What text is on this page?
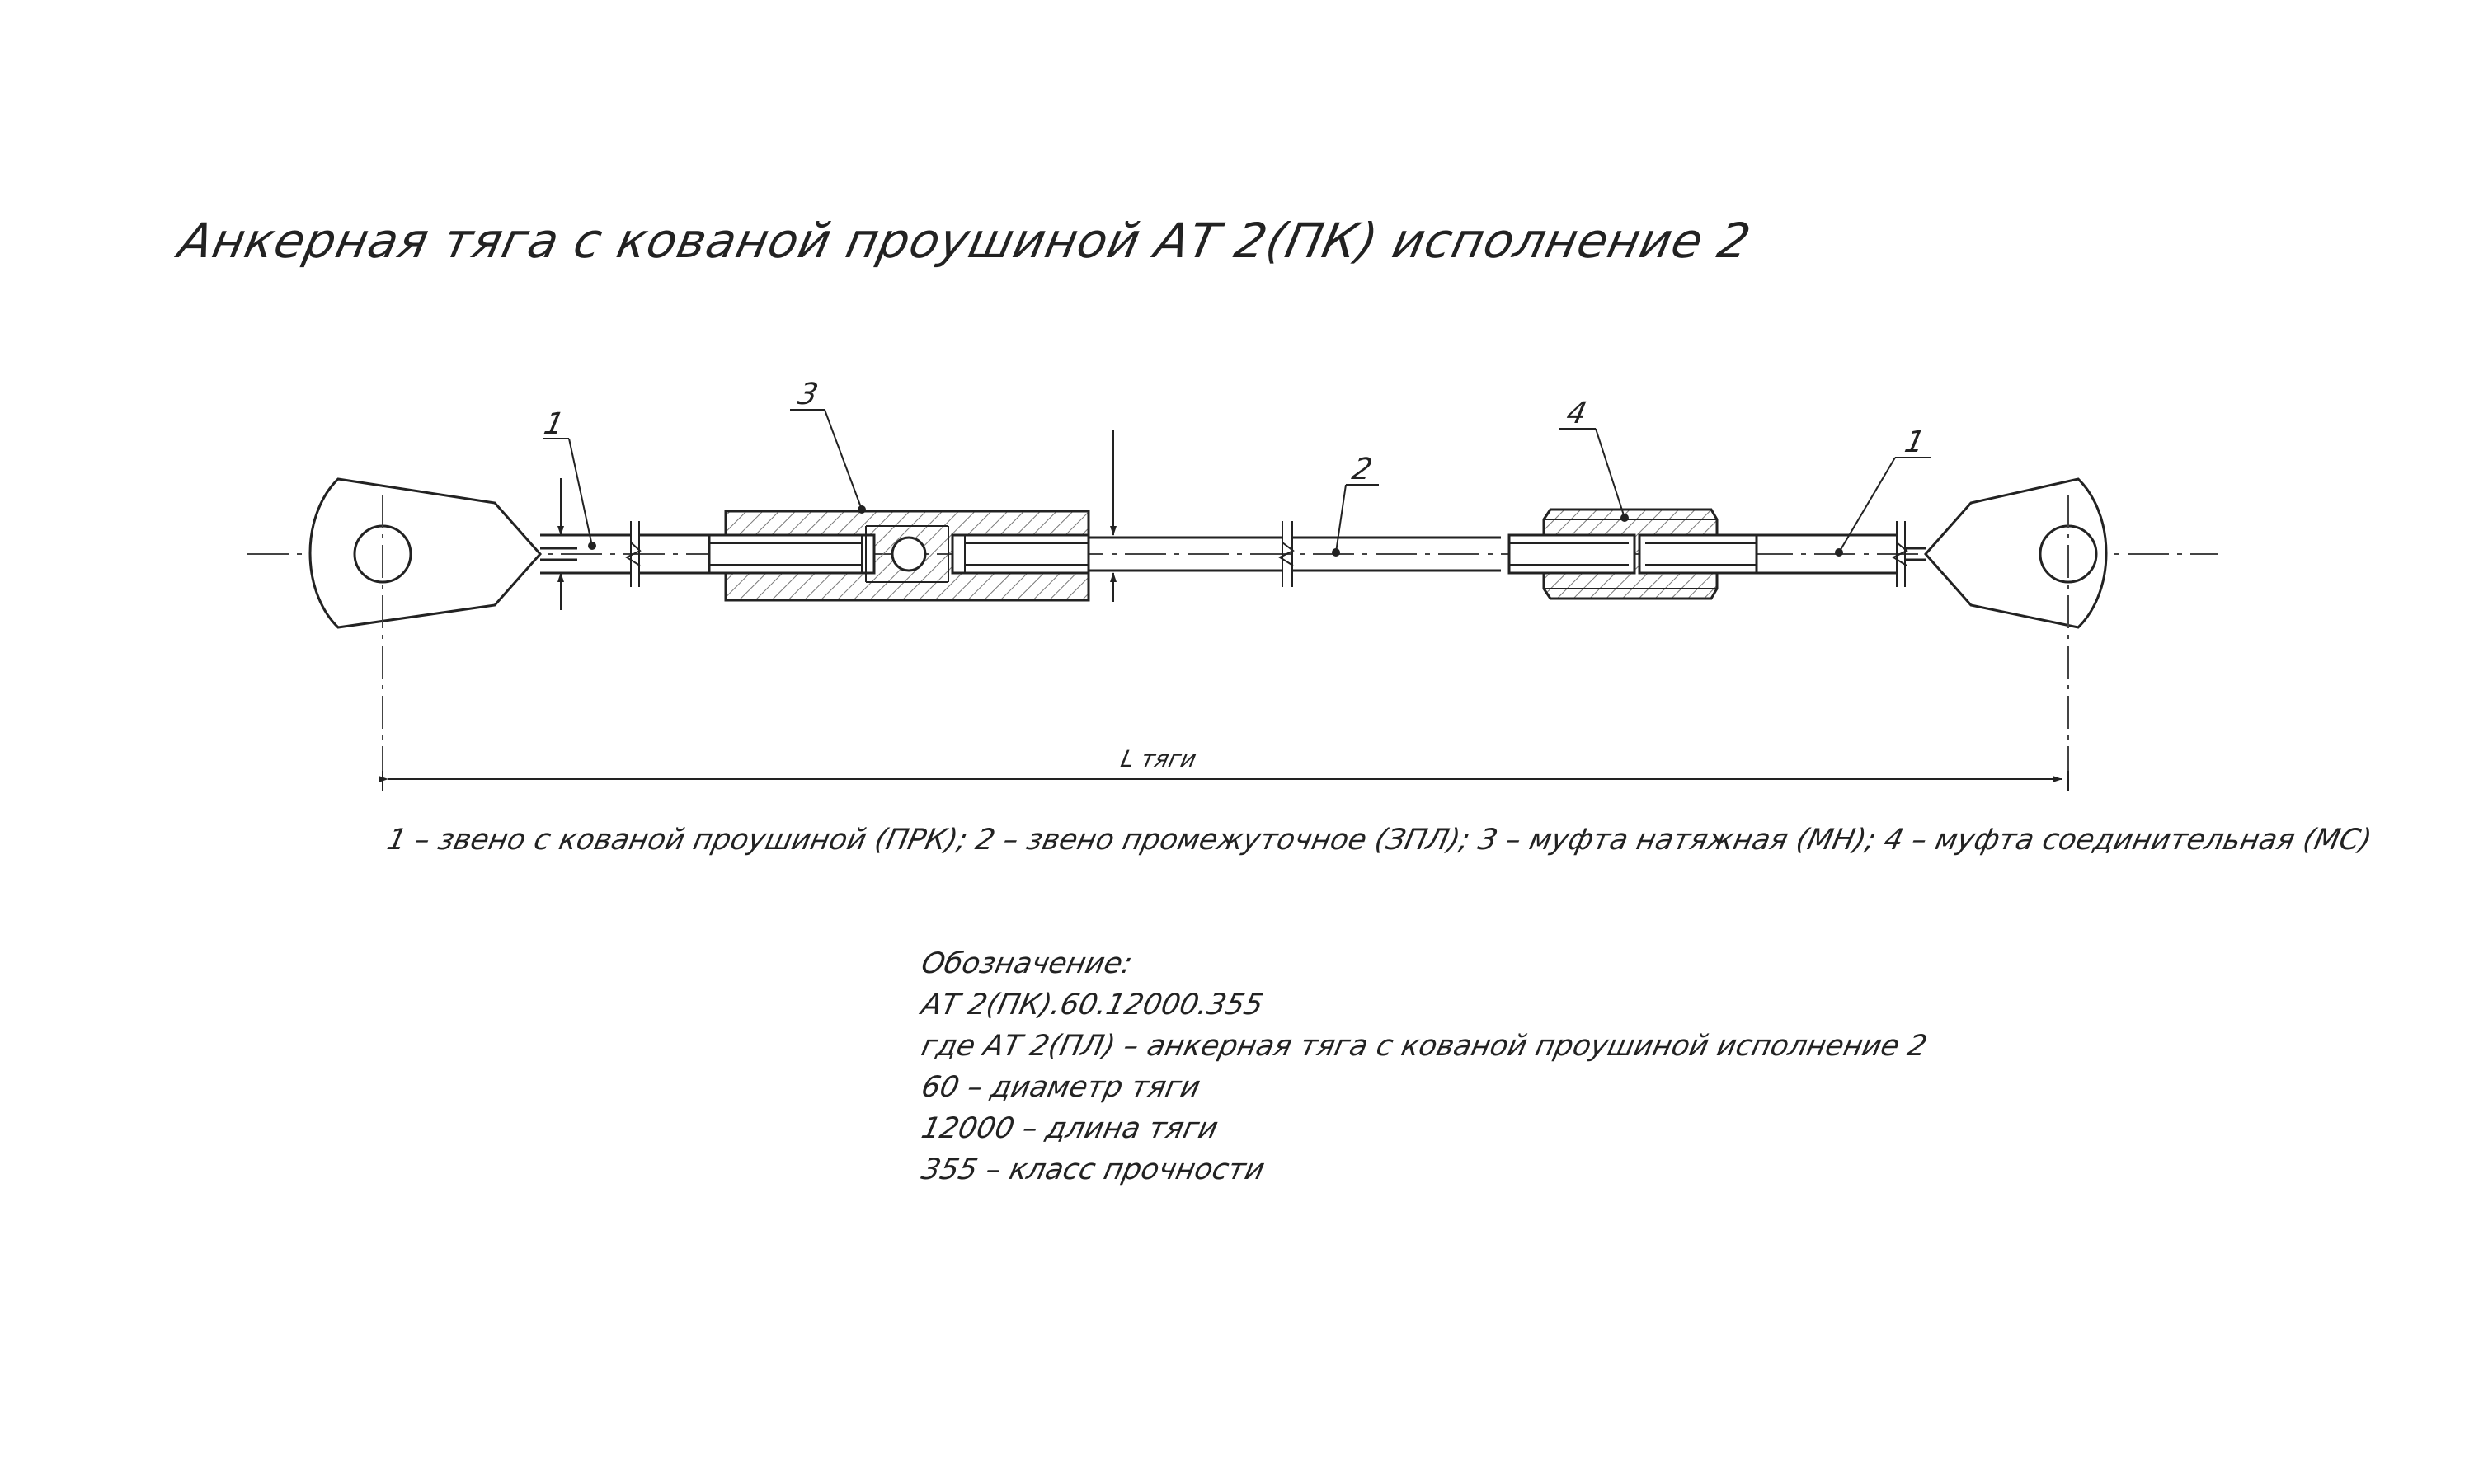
Анкерная тяга с кованой проушиной АТ 2(ПК) исполнение 2
L тяги
1
3
2
4
1
1 – звено с кованой проушиной (ПРК); 2 – звено промежуточное (ЗПЛ); 3 – муфта натяжная (МН); 4 – муфта соединительная (МС)
Обозначение:
АТ 2(ПК).60.12000.355
где АТ 2(ПЛ) – анкерная тяга с кованой проушиной исполнение 2
60 – диаметр тяги
12000 – длина тяги
355 – класс прочности
